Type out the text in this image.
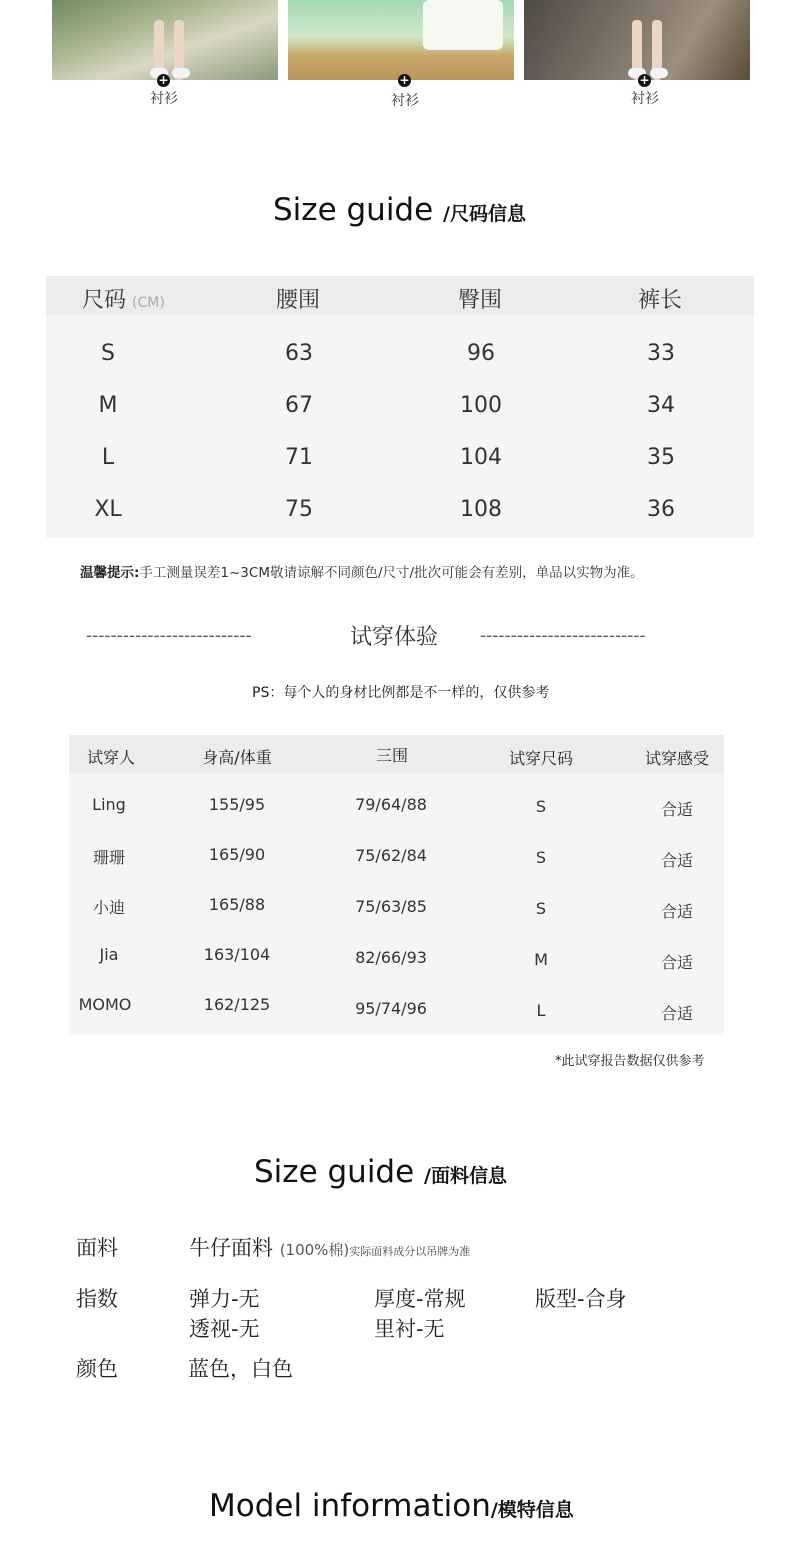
+	+	+
衬衫	衬衫	衬衫
Size guide /尺码信息
尺码 (CM)	腰围	臀围	裤长
S	63	96	33
M	67	100	34
L	71	104	35
XL	75	108	36
温馨提示:手工测量误差1~3CM敬请谅解不同颜色/尺寸/批次可能会有差别，单品以实物为准。
---------------------------	试穿体验 ---------------------------
PS：每个人的身材比例都是不一样的，仅供参考
试穿人	身高/体重	三围	试穿尺码	试穿感受
Ling	155/95	79/64/88	S	合适
珊珊	165/90	75/62/84	S	合适
小迪	165/88	75/63/85	S	合适
Jia	163/104	82/66/93	M	合适
MOMO	162/125	95/74/96	L	合适
*此试穿报告数据仅供参考
Size guide /面料信息
面料	牛仔面料 (100%棉)实际面料成分以吊牌为准
指数	弹力-无	厚度-常规	版型-合身
透视-无	里衬-无
颜色	蓝色，白色
Model information/模特信息
